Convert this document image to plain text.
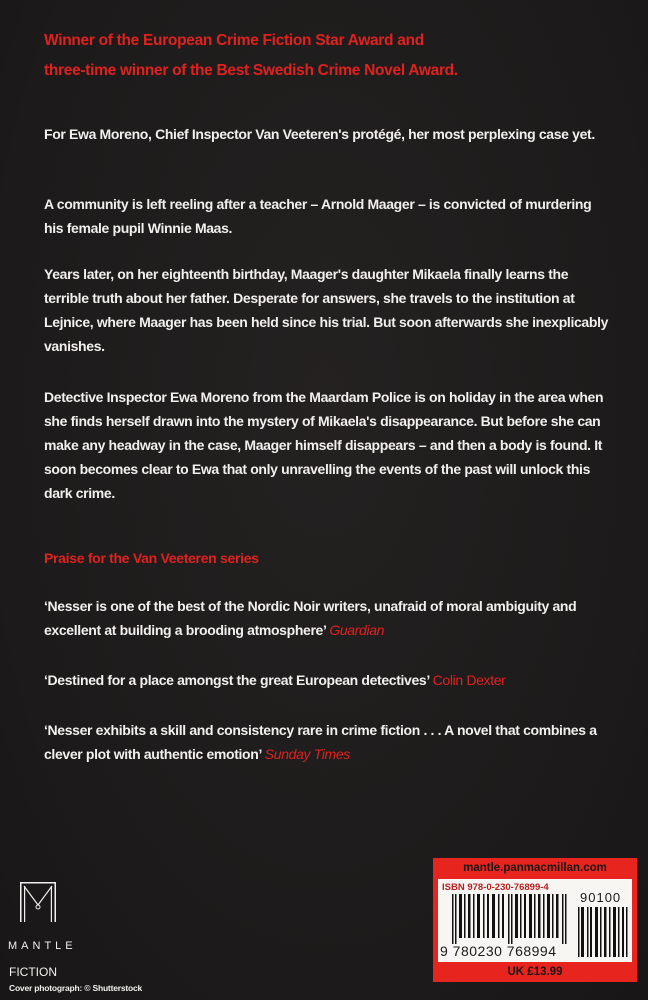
Winner of the European Crime Fiction Star Award and
three-time winner of the Best Swedish Crime Novel Award.
For Ewa Moreno, Chief Inspector Van Veeteren's protégé, her most perplexing case yet.
A community is left reeling after a teacher – Arnold Maager – is convicted of murdering his female pupil Winnie Maas.
Years later, on her eighteenth birthday, Maager's daughter Mikaela finally learns the terrible truth about her father. Desperate for answers, she travels to the institution at Lejnice, where Maager has been held since his trial. But soon afterwards she inexplicably vanishes.
Detective Inspector Ewa Moreno from the Maardam Police is on holiday in the area when she finds herself drawn into the mystery of Mikaela's disappearance. But before she can make any headway in the case, Maager himself disappears – and then a body is found. It soon becomes clear to Ewa that only unravelling the events of the past will unlock this dark crime.
Praise for the Van Veeteren series
‘Nesser is one of the best of the Nordic Noir writers, unafraid of moral ambiguity and excellent at building a brooding atmosphere’ Guardian
‘Destined for a place amongst the great European detectives’ Colin Dexter
‘Nesser exhibits a skill and consistency rare in crime fiction . . . A novel that combines a clever plot with authentic emotion’ Sunday Times
MANTLE
FICTION
Cover photograph: © Shutterstock
mantle.panmacmillan.com
ISBN 978-0-230-76899-4
9 780230 768994
90100
UK £13.99
